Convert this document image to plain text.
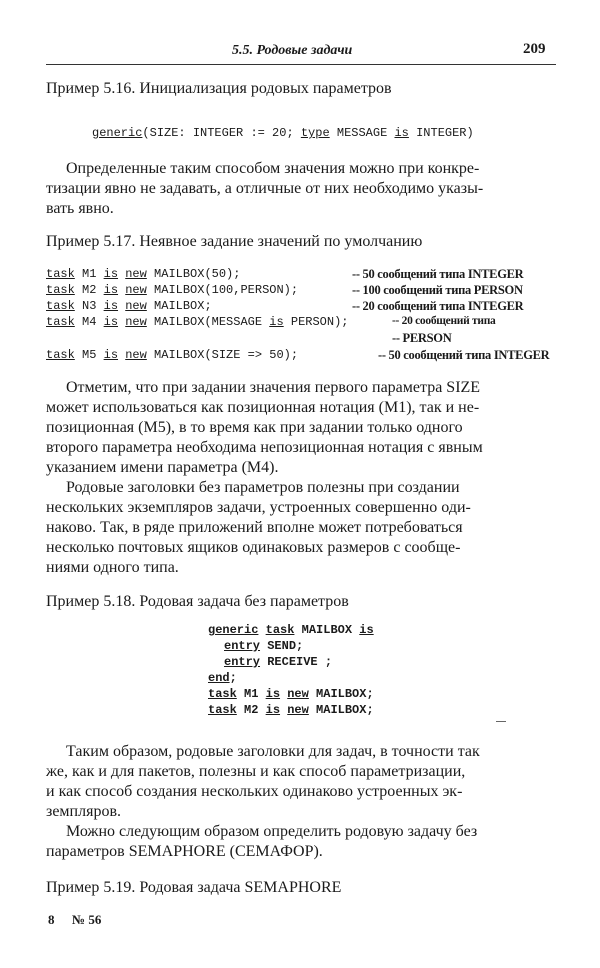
5.5. Родовые задачи	209
Пример 5.16. Инициализация родовых параметров
generic(SIZE: INTEGER := 20; type MESSAGE is INTEGER)
Определенные таким способом значения можно при конкре-
тизации явно не задавать, а отличные от них необходимо указы-
вать явно.
Пример 5.17. Неявное задание значений по умолчанию
task M1 is new MAILBOX(50);	-- 50 сообщений типа INTEGER
task M2 is new MAILBOX(100,PERSON);	-- 100 сообщений типа PERSON
task N3 is new MAILBOX;	-- 20 сообщений типа INTEGER
task M4 is new MAILBOX(MESSAGE is PERSON);	-- 20 сообщений типа
-- PERSON
task M5 is new MAILBOX(SIZE => 50);	-- 50 сообщений типа INTEGER
Отметим, что при задании значения первого параметра SIZE
может использоваться как позиционная нотация (M1), так и не-
позиционная (M5), в то время как при задании только одного
второго параметра необходима непозиционная нотация с явным
указанием имени параметра (M4).
Родовые заголовки без параметров полезны при создании
нескольких экземпляров задачи, устроенных совершенно оди-
наково. Так, в ряде приложений вполне может потребоваться
несколько почтовых ящиков одинаковых размеров с сообще-
ниями одного типа.
Пример 5.18. Родовая задача без параметров
generic task MAILBOX is
entry SEND;
entry RECEIVE ;
end;
task M1 is new MAILBOX;
task M2 is new MAILBOX;
Таким образом, родовые заголовки для задач, в точности так
же, как и для пакетов, полезны и как способ параметризации,
и как способ создания нескольких одинаково устроенных эк-
земпляров.
Можно следующим образом определить родовую задачу без
параметров SEMAPHORE (СЕМАФОР).
Пример 5.19. Родовая задача SEMAPHORE
8 № 56
